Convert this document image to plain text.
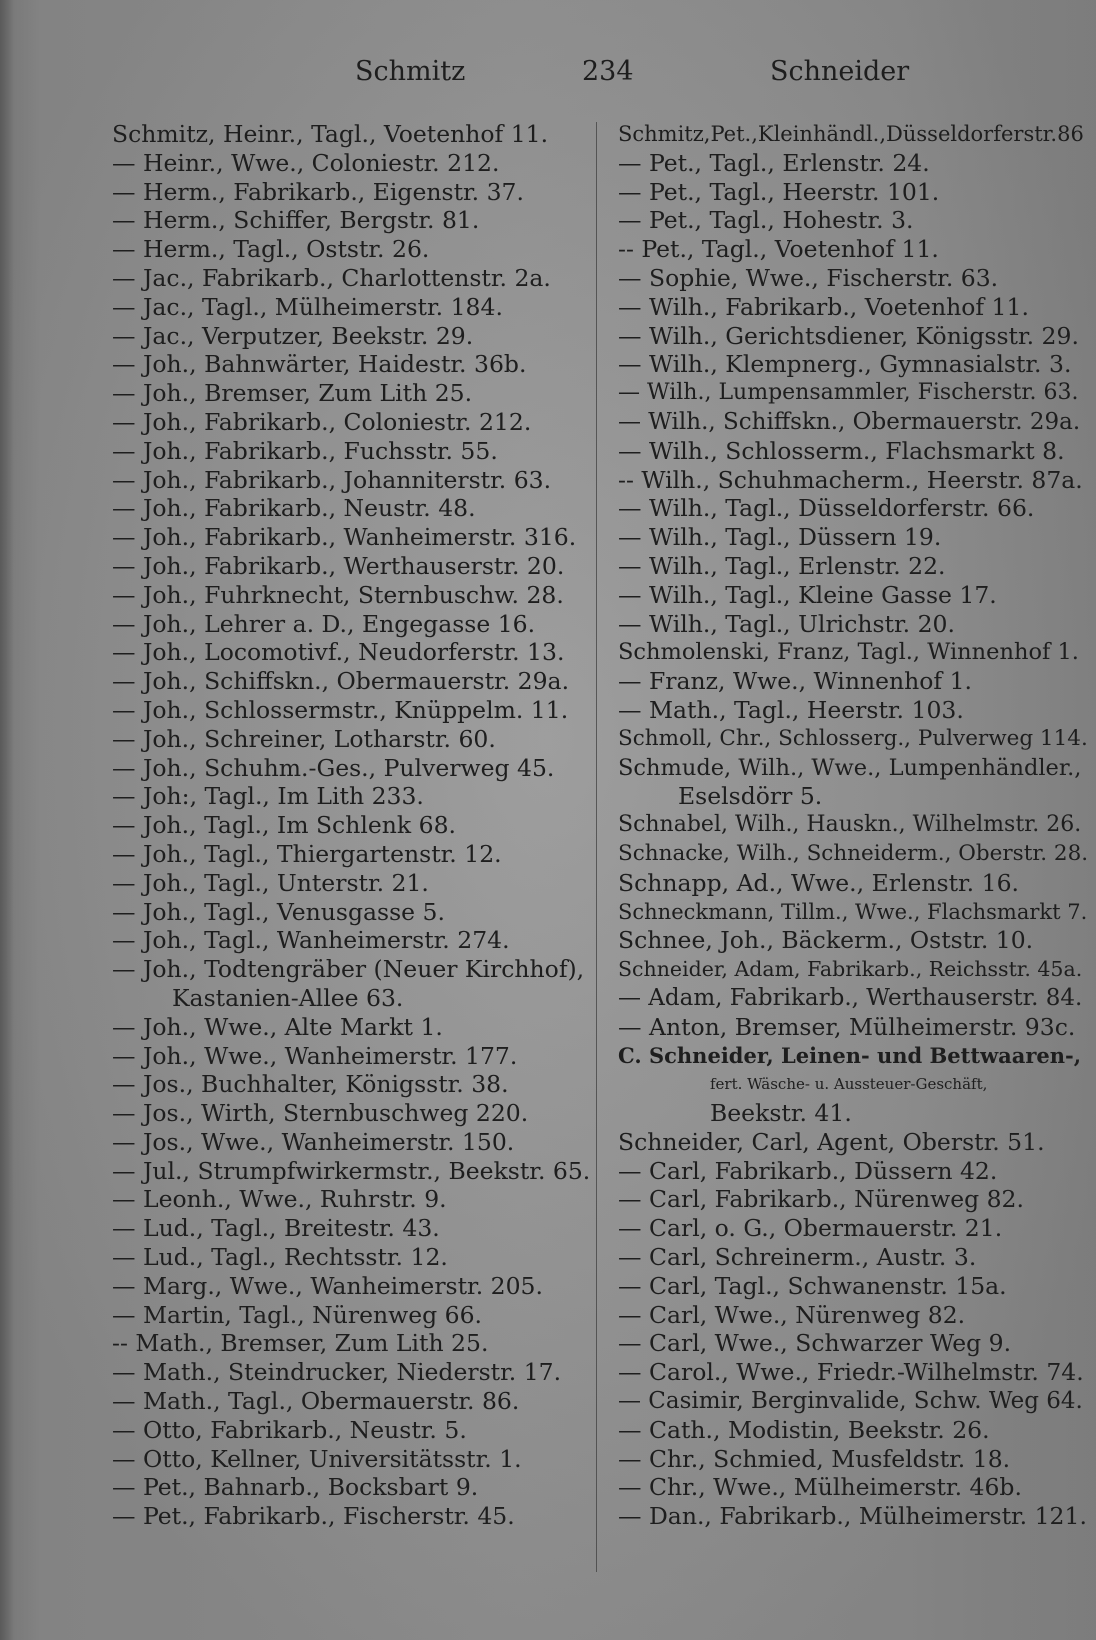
Schmitz	234	Schneider
Schmitz, Heinr., Tagl., Voetenhof 11.
— Heinr., Wwe., Coloniestr. 212.
— Herm., Fabrikarb., Eigenstr. 37.
— Herm., Schiffer, Bergstr. 81.
— Herm., Tagl., Oststr. 26.
— Jac., Fabrikarb., Charlottenstr. 2a.
— Jac., Tagl., Mülheimerstr. 184.
— Jac., Verputzer, Beekstr. 29.
— Joh., Bahnwärter, Haidestr. 36b.
— Joh., Bremser, Zum Lith 25.
— Joh., Fabrikarb., Coloniestr. 212.
— Joh., Fabrikarb., Fuchsstr. 55.
— Joh., Fabrikarb., Johanniterstr. 63.
— Joh., Fabrikarb., Neustr. 48.
— Joh., Fabrikarb., Wanheimerstr. 316.
— Joh., Fabrikarb., Werthauserstr. 20.
— Joh., Fuhrknecht, Sternbuschw. 28.
— Joh., Lehrer a. D., Engegasse 16.
— Joh., Locomotivf., Neudorferstr. 13.
— Joh., Schiffskn., Obermauerstr. 29a.
— Joh., Schlossermstr., Knüppelm. 11.
— Joh., Schreiner, Lotharstr. 60.
— Joh., Schuhm.-Ges., Pulverweg 45.
— Joh:, Tagl., Im Lith 233.
— Joh., Tagl., Im Schlenk 68.
— Joh., Tagl., Thiergartenstr. 12.
— Joh., Tagl., Unterstr. 21.
— Joh., Tagl., Venusgasse 5.
— Joh., Tagl., Wanheimerstr. 274.
— Joh., Todtengräber (Neuer Kirchhof),
Kastanien-Allee 63.
— Joh., Wwe., Alte Markt 1.
— Joh., Wwe., Wanheimerstr. 177.
— Jos., Buchhalter, Königsstr. 38.
— Jos., Wirth, Sternbuschweg 220.
— Jos., Wwe., Wanheimerstr. 150.
— Jul., Strumpfwirkermstr., Beekstr. 65.
— Leonh., Wwe., Ruhrstr. 9.
— Lud., Tagl., Breitestr. 43.
— Lud., Tagl., Rechtsstr. 12.
— Marg., Wwe., Wanheimerstr. 205.
— Martin, Tagl., Nürenweg 66.
-- Math., Bremser, Zum Lith 25.
— Math., Steindrucker, Niederstr. 17.
— Math., Tagl., Obermauerstr. 86.
— Otto, Fabrikarb., Neustr. 5.
— Otto, Kellner, Universitätsstr. 1.
— Pet., Bahnarb., Bocksbart 9.
— Pet., Fabrikarb., Fischerstr. 45.
Schmitz,Pet.,Kleinhändl.,Düsseldorferstr.86
— Pet., Tagl., Erlenstr. 24.
— Pet., Tagl., Heerstr. 101.
— Pet., Tagl., Hohestr. 3.
-- Pet., Tagl., Voetenhof 11.
— Sophie, Wwe., Fischerstr. 63.
— Wilh., Fabrikarb., Voetenhof 11.
— Wilh., Gerichtsdiener, Königsstr. 29.
— Wilh., Klempnerg., Gymnasialstr. 3.
— Wilh., Lumpensammler, Fischerstr. 63.
— Wilh., Schiffskn., Obermauerstr. 29a.
— Wilh., Schlosserm., Flachsmarkt 8.
-- Wilh., Schuhmacherm., Heerstr. 87a.
— Wilh., Tagl., Düsseldorferstr. 66.
— Wilh., Tagl., Düssern 19.
— Wilh., Tagl., Erlenstr. 22.
— Wilh., Tagl., Kleine Gasse 17.
— Wilh., Tagl., Ulrichstr. 20.
Schmolenski, Franz, Tagl., Winnenhof 1.
— Franz, Wwe., Winnenhof 1.
— Math., Tagl., Heerstr. 103.
Schmoll, Chr., Schlosserg., Pulverweg 114.
Schmude, Wilh., Wwe., Lumpenhändler.,
Eselsdörr 5.
Schnabel, Wilh., Hauskn., Wilhelmstr. 26.
Schnacke, Wilh., Schneiderm., Oberstr. 28.
Schnapp, Ad., Wwe., Erlenstr. 16.
Schneckmann, Tillm., Wwe., Flachsmarkt 7.
Schnee, Joh., Bäckerm., Oststr. 10.
Schneider, Adam, Fabrikarb., Reichsstr. 45a.
— Adam, Fabrikarb., Werthauserstr. 84.
— Anton, Bremser, Mülheimerstr. 93c.
C. Schneider, Leinen- und Bettwaaren-,
fert. Wäsche- u. Aussteuer-Geschäft,
Beekstr. 41.
Schneider, Carl, Agent, Oberstr. 51.
— Carl, Fabrikarb., Düssern 42.
— Carl, Fabrikarb., Nürenweg 82.
— Carl, o. G., Obermauerstr. 21.
— Carl, Schreinerm., Austr. 3.
— Carl, Tagl., Schwanenstr. 15a.
— Carl, Wwe., Nürenweg 82.
— Carl, Wwe., Schwarzer Weg 9.
— Carol., Wwe., Friedr.-Wilhelmstr. 74.
— Casimir, Berginvalide, Schw. Weg 64.
— Cath., Modistin, Beekstr. 26.
— Chr., Schmied, Musfeldstr. 18.
— Chr., Wwe., Mülheimerstr. 46b.
— Dan., Fabrikarb., Mülheimerstr. 121.
